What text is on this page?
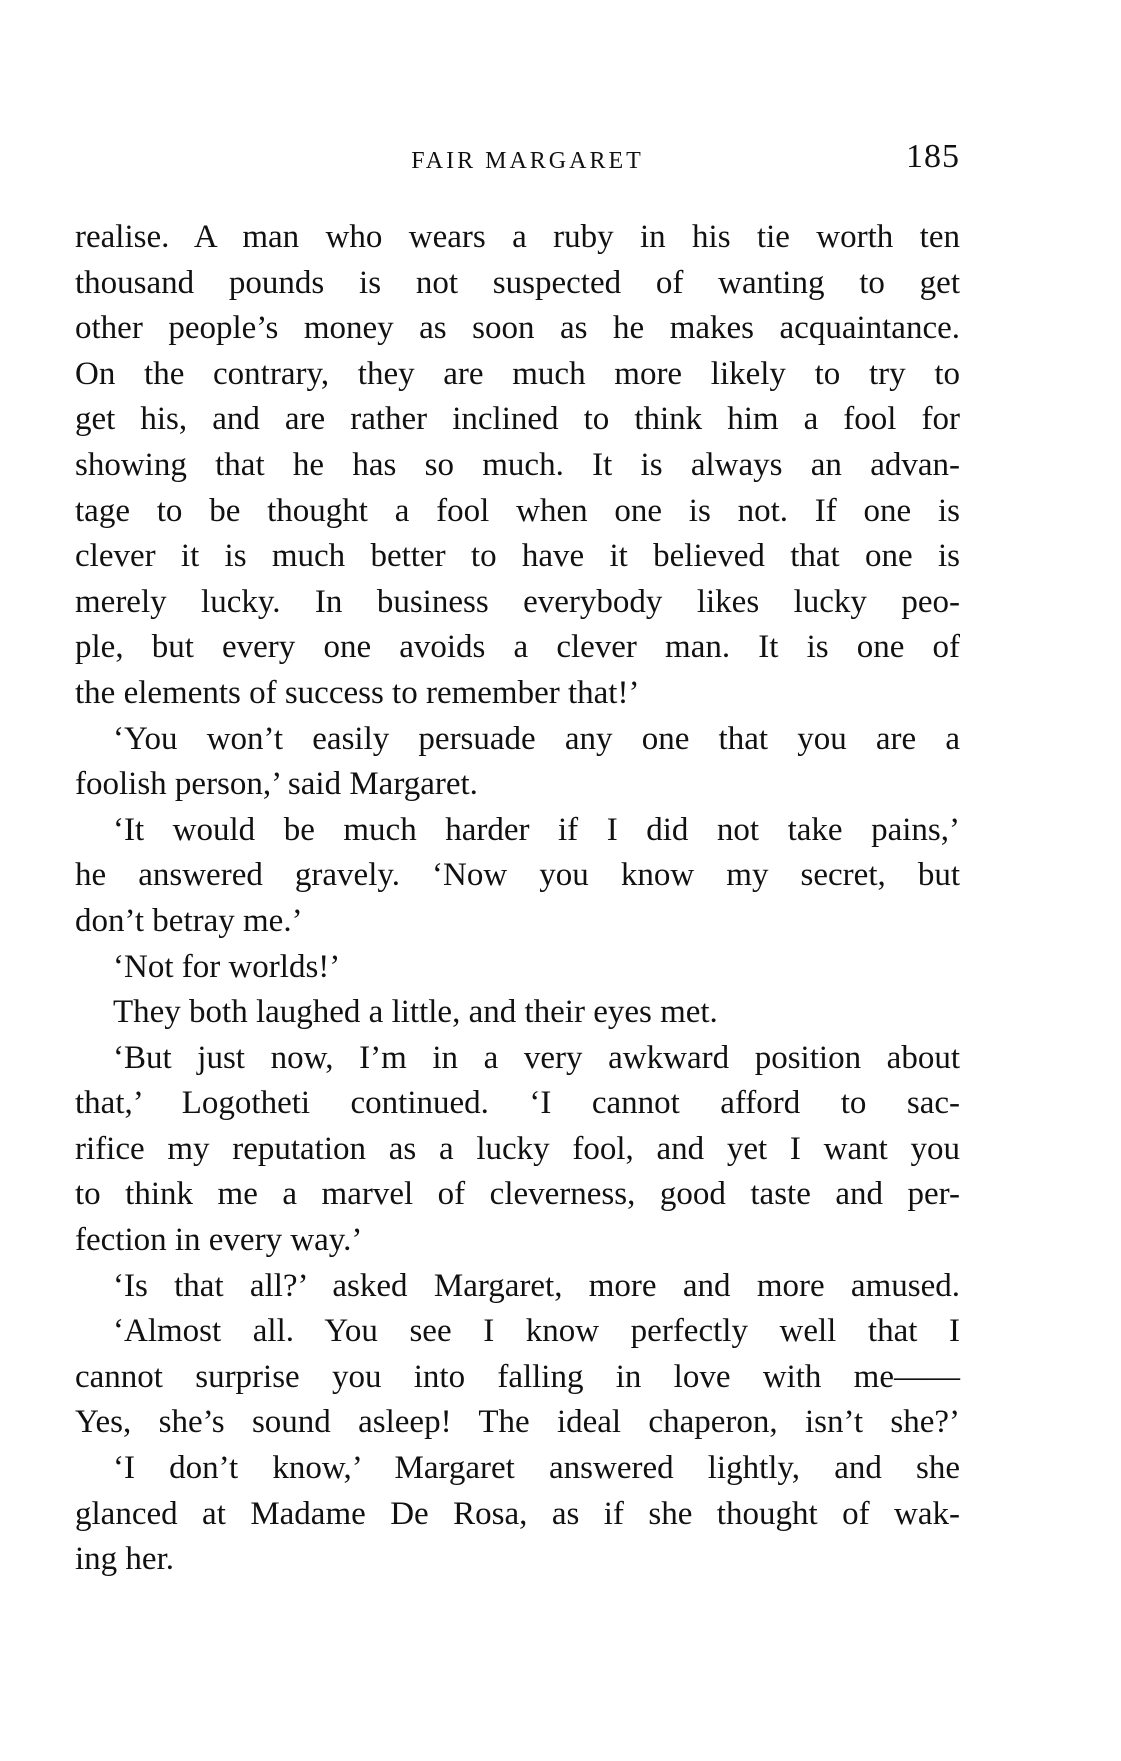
FAIR MARGARET	185
realise. A man who wears a ruby in his tie worth ten
thousand pounds is not suspected of wanting to get
other people’s money as soon as he makes acquaintance.
On the contrary, they are much more likely to try to
get his, and are rather inclined to think him a fool for
showing that he has so much. It is always an advan-
tage to be thought a fool when one is not. If one is
clever it is much better to have it believed that one is
merely lucky. In business everybody likes lucky peo-
ple, but every one avoids a clever man. It is one of
the elements of success to remember that!’
‘You won’t easily persuade any one that you are a
foolish person,’ said Margaret.
‘It would be much harder if I did not take pains,’
he answered gravely. ‘Now you know my secret, but
don’t betray me.’
‘Not for worlds!’
They both laughed a little, and their eyes met.
‘But just now, I’m in a very awkward position about
that,’ Logotheti continued. ‘I cannot afford to sac-
rifice my reputation as a lucky fool, and yet I want you
to think me a marvel of cleverness, good taste and per-
fection in every way.’
‘Is that all?’ asked Margaret, more and more amused.
‘Almost all. You see I know perfectly well that I
cannot surprise you into falling in love with me——
Yes, she’s sound asleep! The ideal chaperon, isn’t she?’
‘I don’t know,’ Margaret answered lightly, and she
glanced at Madame De Rosa, as if she thought of wak-
ing her.
